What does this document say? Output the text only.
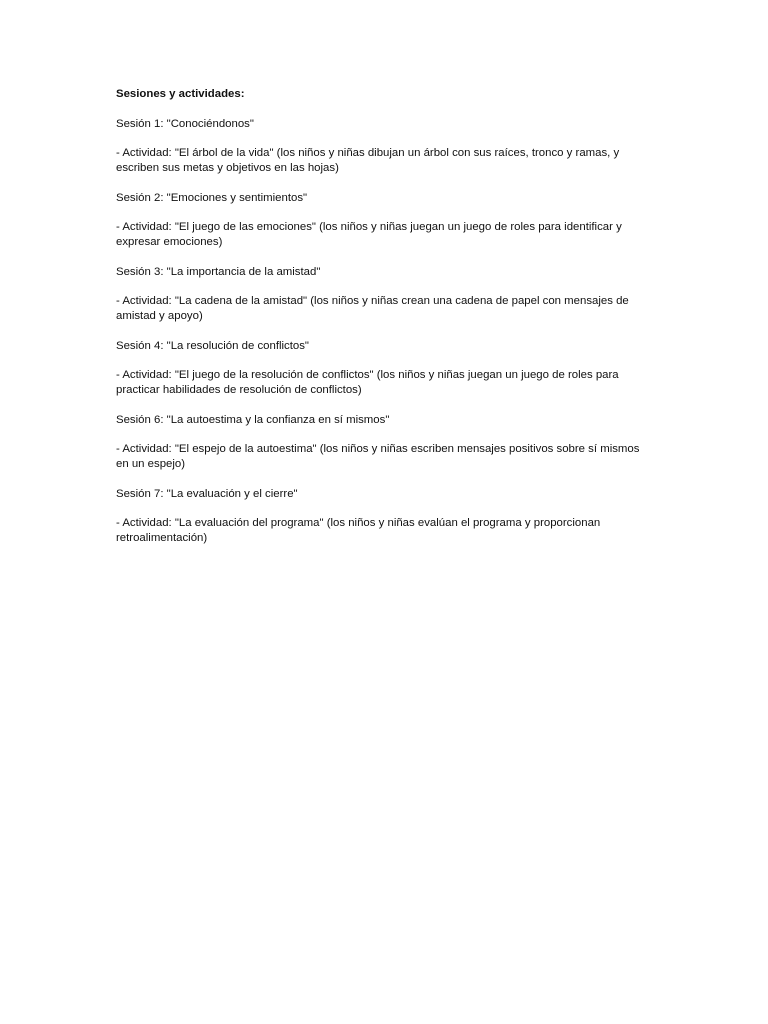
Sesiones y actividades:

Sesión 1: "Conociéndonos"

- Actividad: "El árbol de la vida" (los niños y niñas dibujan un árbol con sus raíces, tronco y ramas, y escriben sus metas y objetivos en las hojas)

Sesión 2: "Emociones y sentimientos"

- Actividad: "El juego de las emociones" (los niños y niñas juegan un juego de roles para identificar y expresar emociones)

Sesión 3: "La importancia de la amistad"

- Actividad: "La cadena de la amistad" (los niños y niñas crean una cadena de papel con mensajes de amistad y apoyo)

Sesión 4: "La resolución de conflictos"

- Actividad: "El juego de la resolución de conflictos" (los niños y niñas juegan un juego de roles para practicar habilidades de resolución de conflictos)

Sesión 6: "La autoestima y la confianza en sí mismos"

- Actividad: "El espejo de la autoestima" (los niños y niñas escriben mensajes positivos sobre sí mismos en un espejo)

Sesión 7: "La evaluación y el cierre"

- Actividad: "La evaluación del programa" (los niños y niñas evalúan el programa y proporcionan retroalimentación)
